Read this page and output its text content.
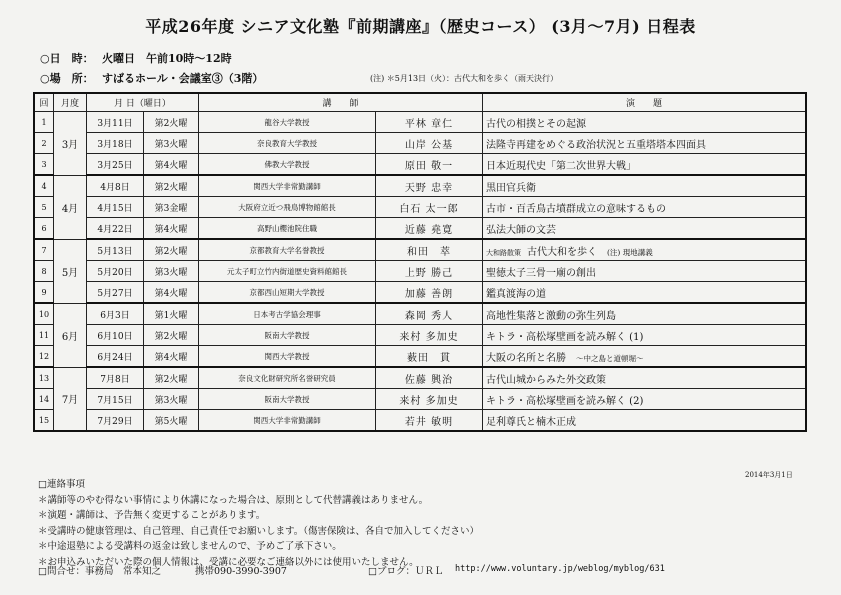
平成26年度 シニア文化塾『前期講座』（歴史コース） (3月〜7月) 日程表
○日　時： 火曜日　午前10時〜12時
○場　所： すばるホール・会議室③（3階）	(注) ＊5月13日（火）：古代大和を歩く（雨天決行）
回	月度	月 日（曜日）		講　　師		演　　題
1	3月	3月11日	第2火曜	龍谷大学教授	平林 章仁	古代の相撲とその起源
2		3月18日	第3火曜	奈良教育大学教授	山岸 公基	法隆寺再建をめぐる政治状況と五重塔塔本四面具
3		3月25日	第4火曜	佛教大学教授	原田 敬一	日本近現代史「第二次世界大戦」
4	4月	4月8日	第2火曜	関西大学非常勤講師	天野 忠幸	黒田官兵衛
5		4月15日	第3金曜	大阪府立近つ飛鳥博物館館長	白石 太一郎	古市・百舌鳥古墳群成立の意味するもの
6		4月22日	第4火曜	高野山櫻池院住職	近藤 堯寛	弘法大師の文芸
7	5月	5月13日	第2火曜	京都教育大学名誉教授	和田　萃	大和路散策 古代大和を歩く (注) 現地講義
8		5月20日	第3火曜	元太子町立竹内街道歴史資料館館長	上野 勝己	聖徳太子三骨一廟の創出
9		5月27日	第4火曜	京都西山短期大学教授	加藤 善朗	鑑真渡海の道
10	6月	6月3日	第1火曜	日本考古学協会理事	森岡 秀人	高地性集落と激動の弥生列島
11		6月10日	第2火曜	阪南大学教授	来村 多加史	キトラ・高松塚壁画を読み解く (1)
12		6月24日	第4火曜	関西大学教授	薮田　貫	大阪の名所と名勝 〜中之島と道頓堀〜
13	7月	7月8日	第2火曜	奈良文化財研究所名誉研究員	佐藤 興治	古代山城からみた外交政策
14		7月15日	第3火曜	阪南大学教授	来村 多加史	キトラ・高松塚壁画を読み解く (2)
15		7月29日	第5火曜	関西大学非常勤講師	若井 敏明	足利尊氏と楠木正成
2014年3月1日
□連絡事項
＊講師等のやむ得ない事情により休講になった場合は、原則として代替講義はありません。
＊演題・講師は、予告無く変更することがあります。
＊受講時の健康管理は、自己管理、自己責任でお願いします。（傷害保険は、各自で加入してください）
＊中途退塾による受講料の返金は致しませんので、予めご了承下さい。
＊お申込みいただいた際の個人情報は、受講に必要なご連絡以外には使用いたしません。
□問合せ：事務局　常本知之	携帯090-3990-3907	□ブログ：ＵＲＬ http://www.voluntary.jp/weblog/myblog/631
